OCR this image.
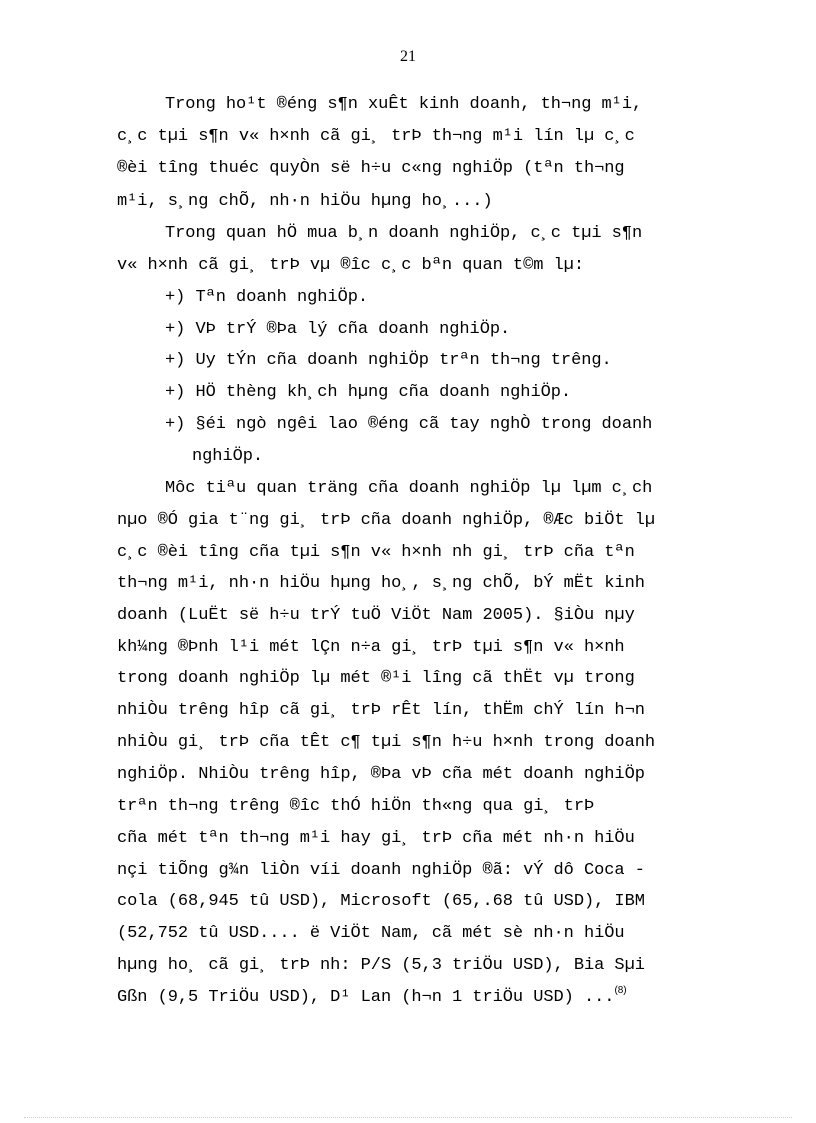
21
Trong ho¹t ®éng s¶n xuÊt kinh doanh, th¬ng m¹i,
c¸c tµi s¶n v« h×nh cã gi¸ trÞ th¬ng m¹i lín lµ c¸c
®èi tîng thuéc quyÒn së h÷u c«ng nghiÖp (tªn th¬ng
m¹i, s¸ng chÕ, nh·n hiÖu hµng ho¸...)
Trong quan hÖ mua b¸n doanh nghiÖp, c¸c tµi s¶n
v« h×nh cã gi¸ trÞ vµ ®îc c¸c bªn quan t©m lµ:
+) Tªn doanh nghiÖp.
+) VÞ trÝ ®Þa lý cña doanh nghiÖp.
+) Uy tÝn cña doanh nghiÖp trªn th¬ng trêng.
+) HÖ thèng kh¸ch hµng cña doanh nghiÖp.
+) §éi ngò ngêi lao ®éng cã tay nghÒ trong doanh
nghiÖp.
Môc tiªu quan träng cña doanh nghiÖp lµ lµm c¸ch
nµo ®Ó gia t¨ng gi¸ trÞ cña doanh nghiÖp, ®Æc biÖt lµ
c¸c ®èi tîng cña tµi s¶n v« h×nh nh gi¸ trÞ cña tªn
th¬ng m¹i, nh·n hiÖu hµng ho¸, s¸ng chÕ, bÝ mËt kinh
doanh (LuËt së h÷u trÝ tuÖ ViÖt Nam 2005). §iÒu nµy
kh¼ng ®Þnh l¹i mét lÇn n÷a gi¸ trÞ tµi s¶n v« h×nh
trong doanh nghiÖp lµ mét ®¹i lîng cã thËt vµ trong
nhiÒu trêng hîp cã gi¸ trÞ rÊt lín, thËm chÝ lín h¬n
nhiÒu gi¸ trÞ cña tÊt c¶ tµi s¶n h÷u h×nh trong doanh
nghiÖp. NhiÒu trêng hîp, ®Þa vÞ cña mét doanh nghiÖp
trªn th¬ng trêng ®îc thÓ hiÖn th«ng qua gi¸ trÞ
cña mét tªn th¬ng m¹i hay gi¸ trÞ cña mét nh·n hiÖu
nçi tiÕng g¾n liÒn víi doanh nghiÖp ®ã: vÝ dô Coca -
cola (68,945 tû USD), Microsoft (65,.68 tû USD), IBM
(52,752 tû USD.... ë ViÖt Nam, cã mét sè nh·n hiÖu
hµng ho¸ cã gi¸ trÞ nh: P/S (5,3 triÖu USD), Bia Sµi
Gßn (9,5 TriÖu USD), D¹ Lan (h¬n 1 triÖu USD) ...$^{(8)}$
